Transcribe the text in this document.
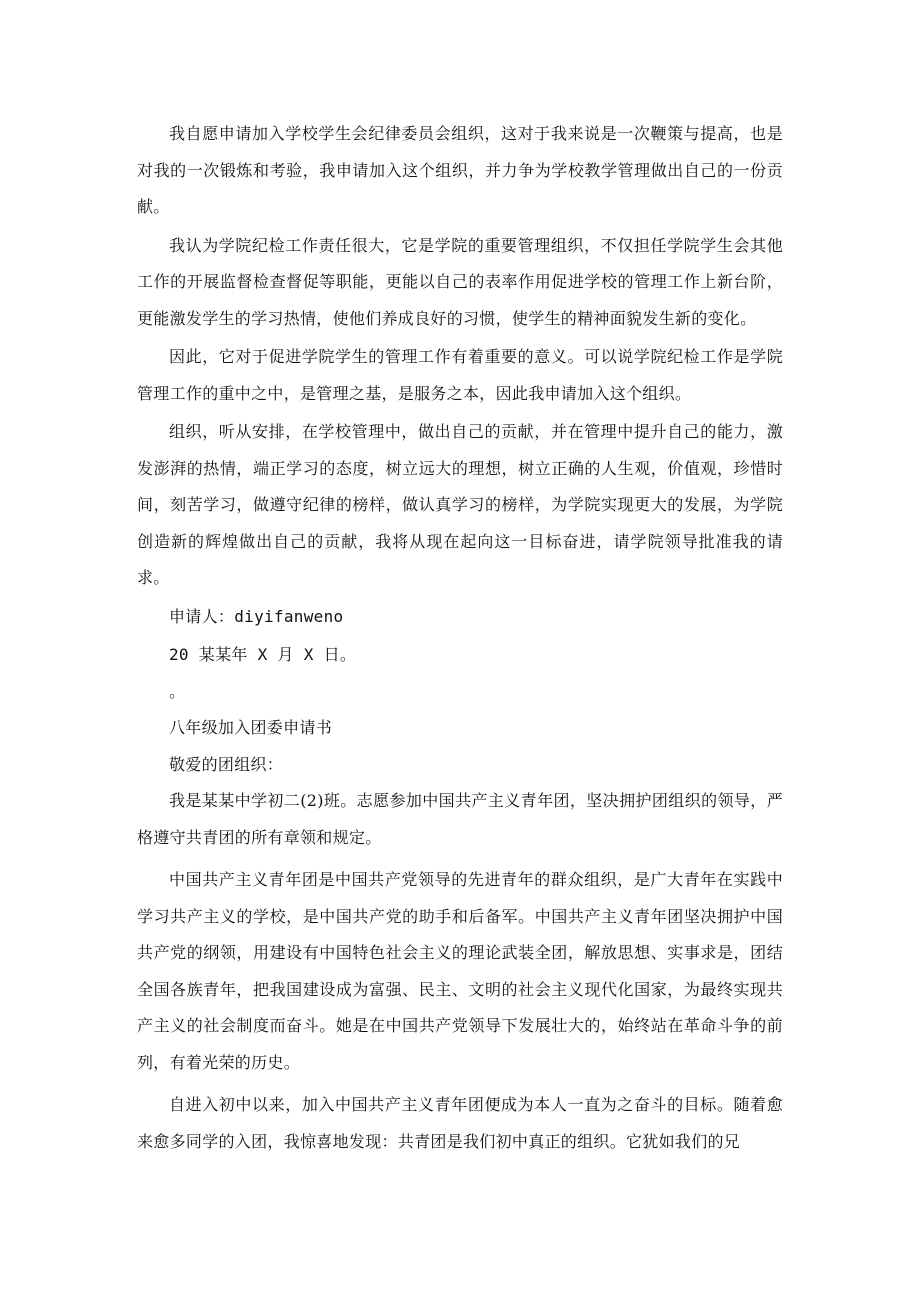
我自愿申请加入学校学生会纪律委员会组织，这对于我来说是一次鞭策与提高，也是对我的一次锻炼和考验，我申请加入这个组织，并力争为学校教学管理做出自己的一份贡献。

我认为学院纪检工作责任很大，它是学院的重要管理组织，不仅担任学院学生会其他工作的开展监督检查督促等职能，更能以自己的表率作用促进学校的管理工作上新台阶，更能激发学生的学习热情，使他们养成良好的习惯，使学生的精神面貌发生新的变化。

因此，它对于促进学院学生的管理工作有着重要的意义。可以说学院纪检工作是学院管理工作的重中之中，是管理之基，是服务之本，因此我申请加入这个组织。

组织，听从安排，在学校管理中，做出自己的贡献，并在管理中提升自己的能力，激发澎湃的热情，端正学习的态度，树立远大的理想，树立正确的人生观，价值观，珍惜时间，刻苦学习，做遵守纪律的榜样，做认真学习的榜样，为学院实现更大的发展，为学院创造新的辉煌做出自己的贡献，我将从现在起向这一目标奋进，请学院领导批准我的请求。

申请人：diyifanweno

20 某某年 X 月 X 日。

。

八年级加入团委申请书

敬爱的团组织：

我是某某中学初二(2)班。志愿参加中国共产主义青年团，坚决拥护团组织的领导，严格遵守共青团的所有章领和规定。

中国共产主义青年团是中国共产党领导的先进青年的群众组织，是广大青年在实践中学习共产主义的学校，是中国共产党的助手和后备军。中国共产主义青年团坚决拥护中国共产党的纲领，用建设有中国特色社会主义的理论武装全团，解放思想、实事求是，团结全国各族青年，把我国建设成为富强、民主、文明的社会主义现代化国家，为最终实现共产主义的社会制度而奋斗。她是在中国共产党领导下发展壮大的，始终站在革命斗争的前列，有着光荣的历史。

自进入初中以来，加入中国共产主义青年团便成为本人一直为之奋斗的目标。随着愈来愈多同学的入团，我惊喜地发现：共青团是我们初中真正的组织。它犹如我们的兄
